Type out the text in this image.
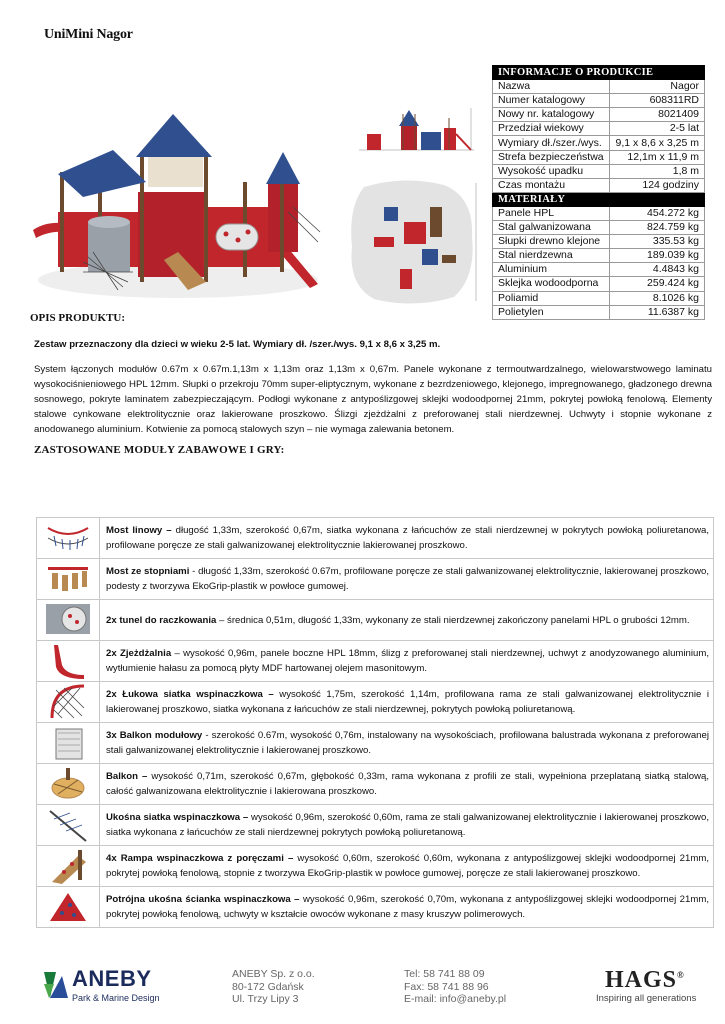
UniMini Nagor
INFORMACJE O PRODUKCIE	
Nazwa	Nagor
Numer katalogowy	608311RD
Nowy nr. katalogowy	8021409
Przedział wiekowy	2-5 lat
Wymiary dł./szer./wys.	9,1 x 8,6 x 3,25 m
Strefa bezpieczeństwa	12,1m x 11,9 m
Wysokość upadku	1,8 m
Czas montażu	124 godziny
MATERIAŁY	
Panele HPL	454.272 kg
Stal galwanizowana	824.759 kg
Słupki drewno klejone	335.53 kg
Stal nierdzewna	189.039 kg
Aluminium	4.4843 kg
Sklejka wodoodporna	259.424 kg
Poliamid	8.1026 kg
Polietylen	11.6387 kg
OPIS PRODUKTU:
Zestaw przeznaczony dla dzieci w wieku 2-5 lat. Wymiary dł. /szer./wys. 9,1 x 8,6 x 3,25 m.
System łączonych modułów 0.67m x 0.67m.1,13m x 1,13m oraz 1,13m x 0,67m. Panele wykonane z termoutwardzalnego, wielowarstwowego laminatu wysokociśnieniowego HPL 12mm. Słupki o przekroju 70mm super-eliptycznym, wykonane z bezrdzeniowego, klejonego, impregnowanego, gładzonego drewna sosnowego, pokryte laminatem zabezpieczającym. Podłogi wykonane z antypoślizgowej sklejki wodoodpornej 21mm, pokrytej powłoką fenolową. Elementy stalowe cynkowane elektrolitycznie oraz lakierowane proszkowo. Ślizgi zjeżdżalni z preforowanej stali nierdzewnej. Uchwyty i stopnie wykonane z anodowanego aluminium. Kotwienie za pomocą stalowych szyn – nie wymaga zalewania betonem.
ZASTOSOWANE MODUŁY ZABAWOWE I GRY:
	Most linowy – długość 1,33m, szerokość 0,67m, siatka wykonana z łańcuchów ze stali nierdzewnej w pokrytych powłoką poliuretanowa, profilowane poręcze ze stali galwanizowanej elektrolitycznie lakierowanej proszkowo.

	Most ze stopniami - długość 1,33m, szerokość 0.67m, profilowane poręcze ze stali galwanizowanej elektrolitycznie, lakierowanej proszkowo, podesty z tworzywa EkoGrip-plastik w powłoce gumowej.

	2x tunel do raczkowania – średnica 0,51m, długość 1,33m, wykonany ze stali nierdzewnej zakończony panelami HPL o grubości 12mm.

	2x Zjeżdżalnia – wysokość 0,96m, panele boczne HPL 18mm, ślizg z preforowanej stali nierdzewnej, uchwyt z anodyzowanego aluminium, wytłumienie hałasu za pomocą płyty MDF hartowanej olejem masonitowym.

	2x Łukowa siatka wspinaczkowa – wysokość 1,75m, szerokość 1,14m, profilowana rama ze stali galwanizowanej elektrolitycznie i lakierowanej proszkowo, siatka wykonana z łańcuchów ze stali nierdzewnej, pokrytych powłoką poliuretanową.

	3x Balkon modułowy - szerokość 0.67m, wysokość 0,76m, instalowany na wysokościach, profilowana balustrada wykonana z preforowanej stali galwanizowanej elektrolitycznie i lakierowanej proszkowo.

	Balkon – wysokość 0,71m, szerokość 0,67m, głębokość 0,33m, rama wykonana z profili ze stali, wypełniona przeplataną siatką stalową, całość galwanizowana elektrolitycznie i lakierowana proszkowo.

	Ukośna siatka wspinaczkowa – wysokość 0,96m, szerokość 0,60m, rama ze stali galwanizowanej elektrolitycznie i lakierowanej proszkowo, siatka wykonana z łańcuchów ze stali nierdzewnej pokrytych powłoką poliuretanową.

	4x Rampa wspinaczkowa z poręczami – wysokość 0,60m, szerokość 0,60m, wykonana z antypoślizgowej sklejki wodoodpornej 21mm, pokrytej powłoką fenolową, stopnie z tworzywa EkoGrip-plastik w powłoce gumowej, poręcze ze stali lakierowanej proszkowo.

	Potrójna ukośna ścianka wspinaczkowa – wysokość 0,96m, szerokość 0,70m, wykonana z antypoślizgowej sklejki wodoodpornej 21mm, pokrytej powłoką fenolową, uchwyty w kształcie owoców wykonane z masy kruszyw polimerowych.
ANEBY
Park & Marine Design
ANEBY Sp. z o.o.
80-172 Gdańsk
Ul. Trzy Lipy 3
Tel: 58 741 88 09
Fax: 58 741 88 96
E-mail: info@aneby.pl
HAGS®
Inspiring all generations
